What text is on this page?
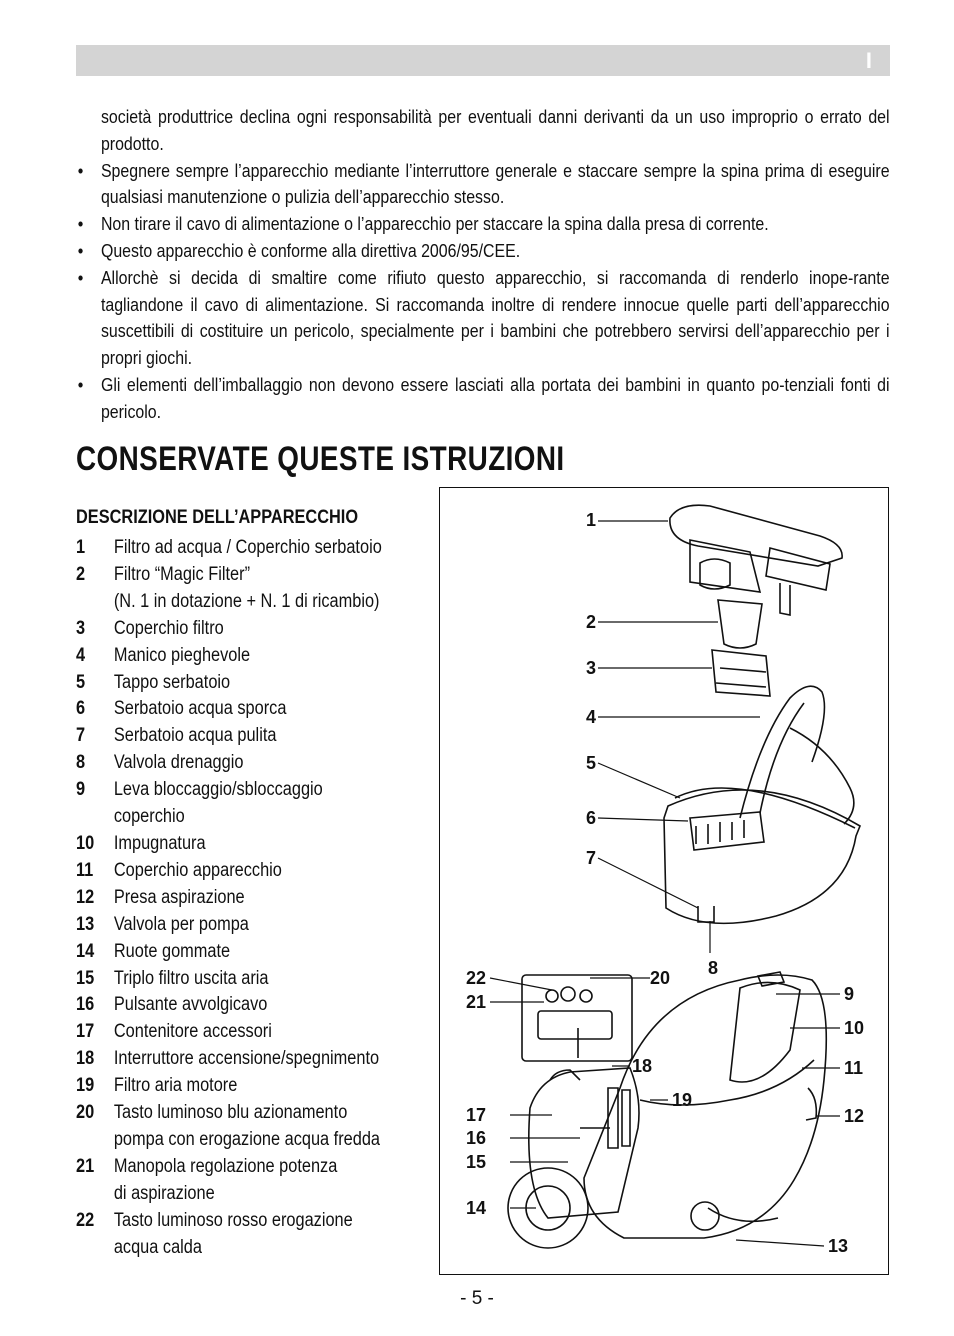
I

società produttrice declina ogni responsabilità per eventuali danni derivanti da un uso improprio o errato del prodotto.

• Spegnere sempre l’apparecchio mediante l’interruttore generale e staccare sempre la spina prima di eseguire qualsiasi manutenzione o pulizia dell’apparecchio stesso.

• Non tirare il cavo di alimentazione o l’apparecchio per staccare la spina dalla presa di corrente.

• Questo apparecchio è conforme alla direttiva 2006/95/CEE.

• Allorchè si decida di smaltire come rifiuto questo apparecchio, si raccomanda di renderlo inope-rante tagliandone il cavo di alimentazione. Si raccomanda inoltre di rendere innocue quelle parti dell’apparecchio suscettibili di costituire un pericolo, specialmente per i bambini che potrebbero servirsi dell’apparecchio per i propri giochi.

• Gli elementi dell’imballaggio non devono essere lasciati alla portata dei bambini in quanto po-tenziali fonti di pericolo.

CONSERVATE QUESTE ISTRUZIONI
DESCRIZIONE DELL’APPARECCHIO
1	Filtro ad acqua / Coperchio serbatoio
2	Filtro “Magic Filter”
(N. 1 in dotazione + N. 1 di ricambio)
3	Coperchio filtro
4	Manico pieghevole
5	Tappo serbatoio
6	Serbatoio acqua sporca
7	Serbatoio acqua pulita
8	Valvola drenaggio
9	Leva bloccaggio/sbloccaggio
coperchio
10	Impugnatura
11	Coperchio apparecchio
12	Presa aspirazione
13	Valvola per pompa
14	Ruote gommate
15	Triplo filtro uscita aria
16	Pulsante avvolgicavo
17	Contenitore accessori
18	Interruttore accensione/spegnimento
19	Filtro aria motore
20	Tasto luminoso blu azionamento
pompa con erogazione acqua fredda
21	Manopola regolazione potenza
di aspirazione
22	Tasto luminoso rosso erogazione
acqua calda
1
2
3
4
5
6
7
8
9
10
11
12
13
14
15
16
17
18
19
20
21
22
- 5 -
